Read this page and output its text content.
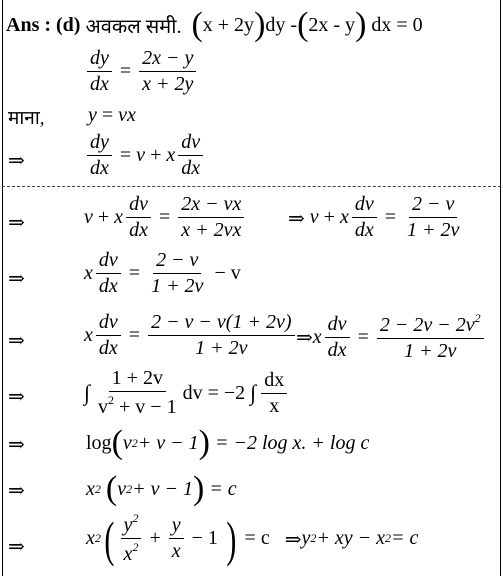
Ans :
(d)
अवकल समी.
( x + 2y ) dy - ( 2x - y )
dx = 0
$\frac{dy}{dx} = \frac{2x - y}{x + 2y}$
माना, y = vx
⇒	$\frac{dy}{dx} = v + x \frac{dv}{dx}$
⇒	v + x $\frac{dv}{dx} = \frac{2x - vx}{x + 2vx}$ ⇒
v + x $\frac{dv}{dx} = \frac{2 - v}{1 + 2v}$
⇒	x $\frac{dv}{dx} = \frac{2 - v}{1 + 2v} - v$
⇒	x $\frac{dv}{dx} = \frac{2 - v - v(1 + 2v)}{1 + 2v}$ ⇒ x $\frac{dv}{dx} = \frac{2 - 2v - 2v^2}{1 + 2v}$
⇒	∫ $\frac{1 + 2v}{v^2 + v - 1}$ dv = −2 ∫ $\frac{dx}{x}$
⇒	log ( v 2 + v − 1 )
= −2 log x. + log c
⇒	x 2
( v 2 + v − 1 )
= c
⇒	x 2 ( $\frac{y^2}{x^2} + \frac{y}{x} - 1$ ) = c
⇒ y 2 + xy − x 2 = c
